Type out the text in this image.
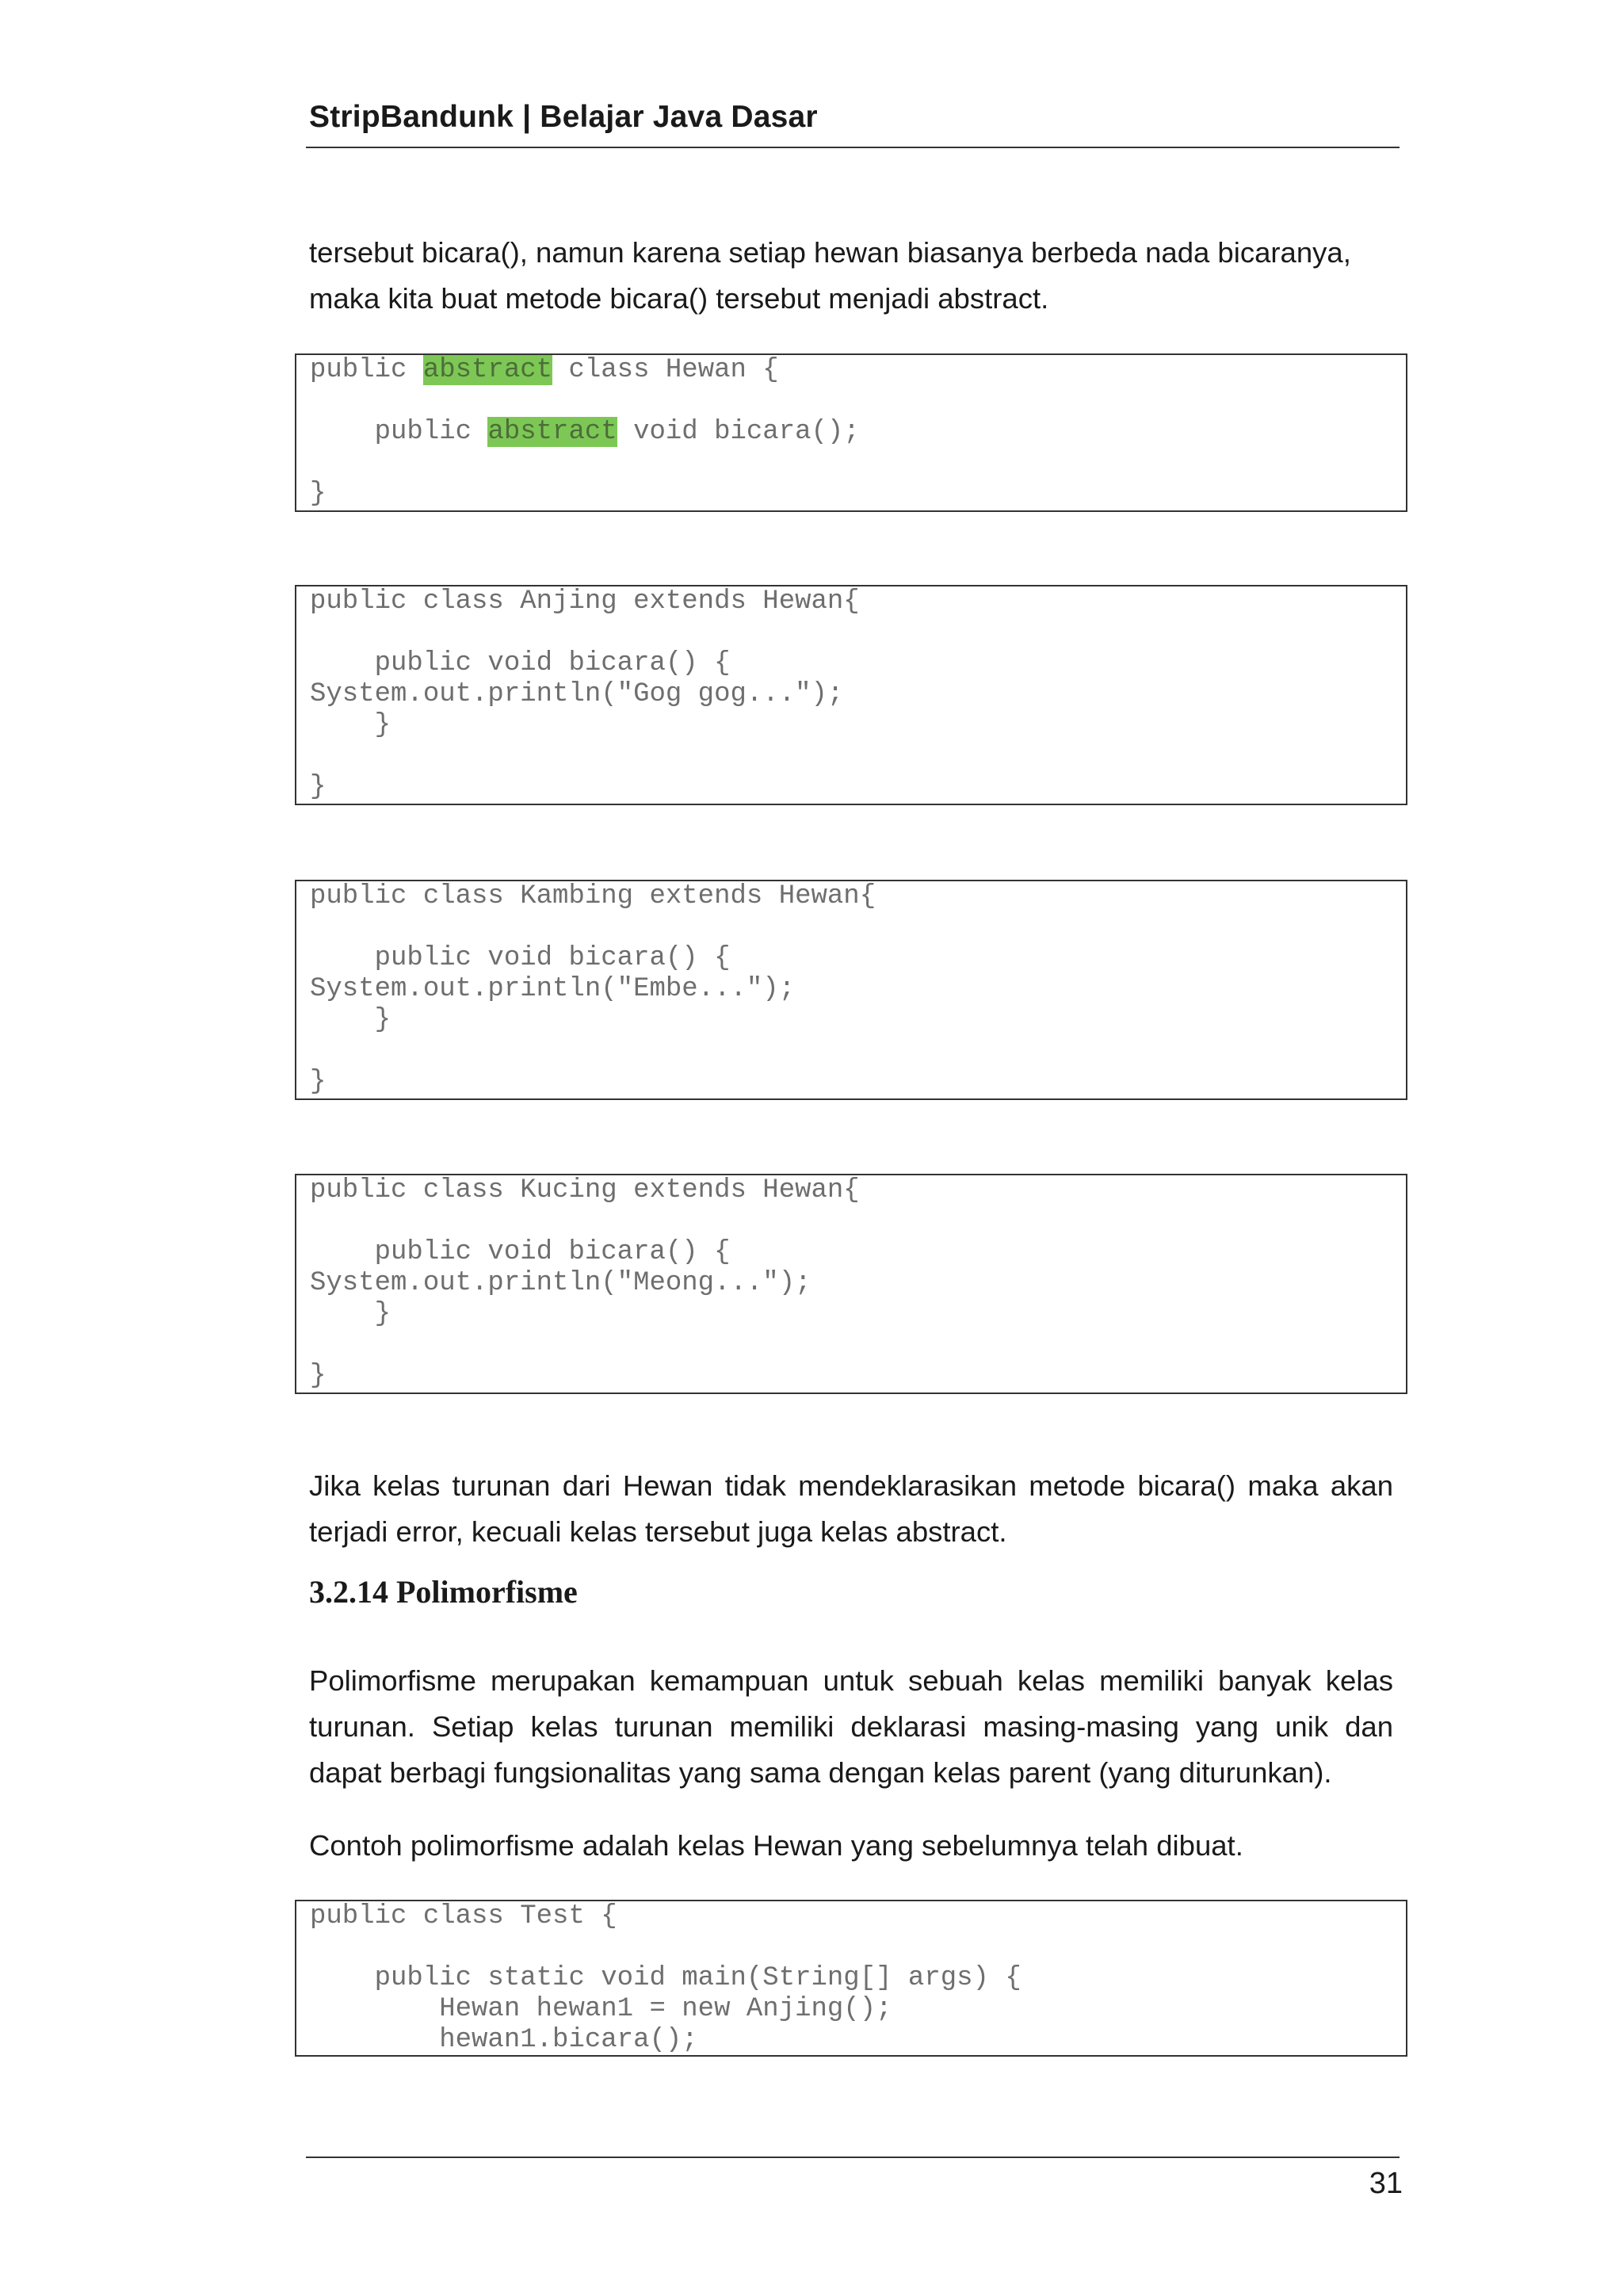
StripBandunk | Belajar Java Dasar

tersebut bicara(), namun karena setiap hewan biasanya berbeda nada bicaranya,
maka kita buat metode bicara() tersebut menjadi abstract.

public abstract class Hewan {
public abstract void bicara();
}
public class Anjing extends Hewan{
public void bicara() {
System.out.println("Gog gog...");
}
}
public class Kambing extends Hewan{
public void bicara() {
System.out.println("Embe...");
}
}
public class Kucing extends Hewan{
public void bicara() {
System.out.println("Meong...");
}
}

Jika kelas turunan dari Hewan tidak mendeklarasikan metode bicara() maka akan terjadi error, kecuali kelas tersebut juga kelas abstract.

3.2.14 Polimorfisme

Polimorfisme merupakan kemampuan untuk sebuah kelas memiliki banyak kelas turunan. Setiap kelas turunan memiliki deklarasi masing-masing yang unik dan dapat berbagi fungsionalitas yang sama dengan kelas parent (yang diturunkan).

Contoh polimorfisme adalah kelas Hewan yang sebelumnya telah dibuat.

public class Test {
public static void main(String[] args) {
Hewan hewan1 = new Anjing();
hewan1.bicara();

31
